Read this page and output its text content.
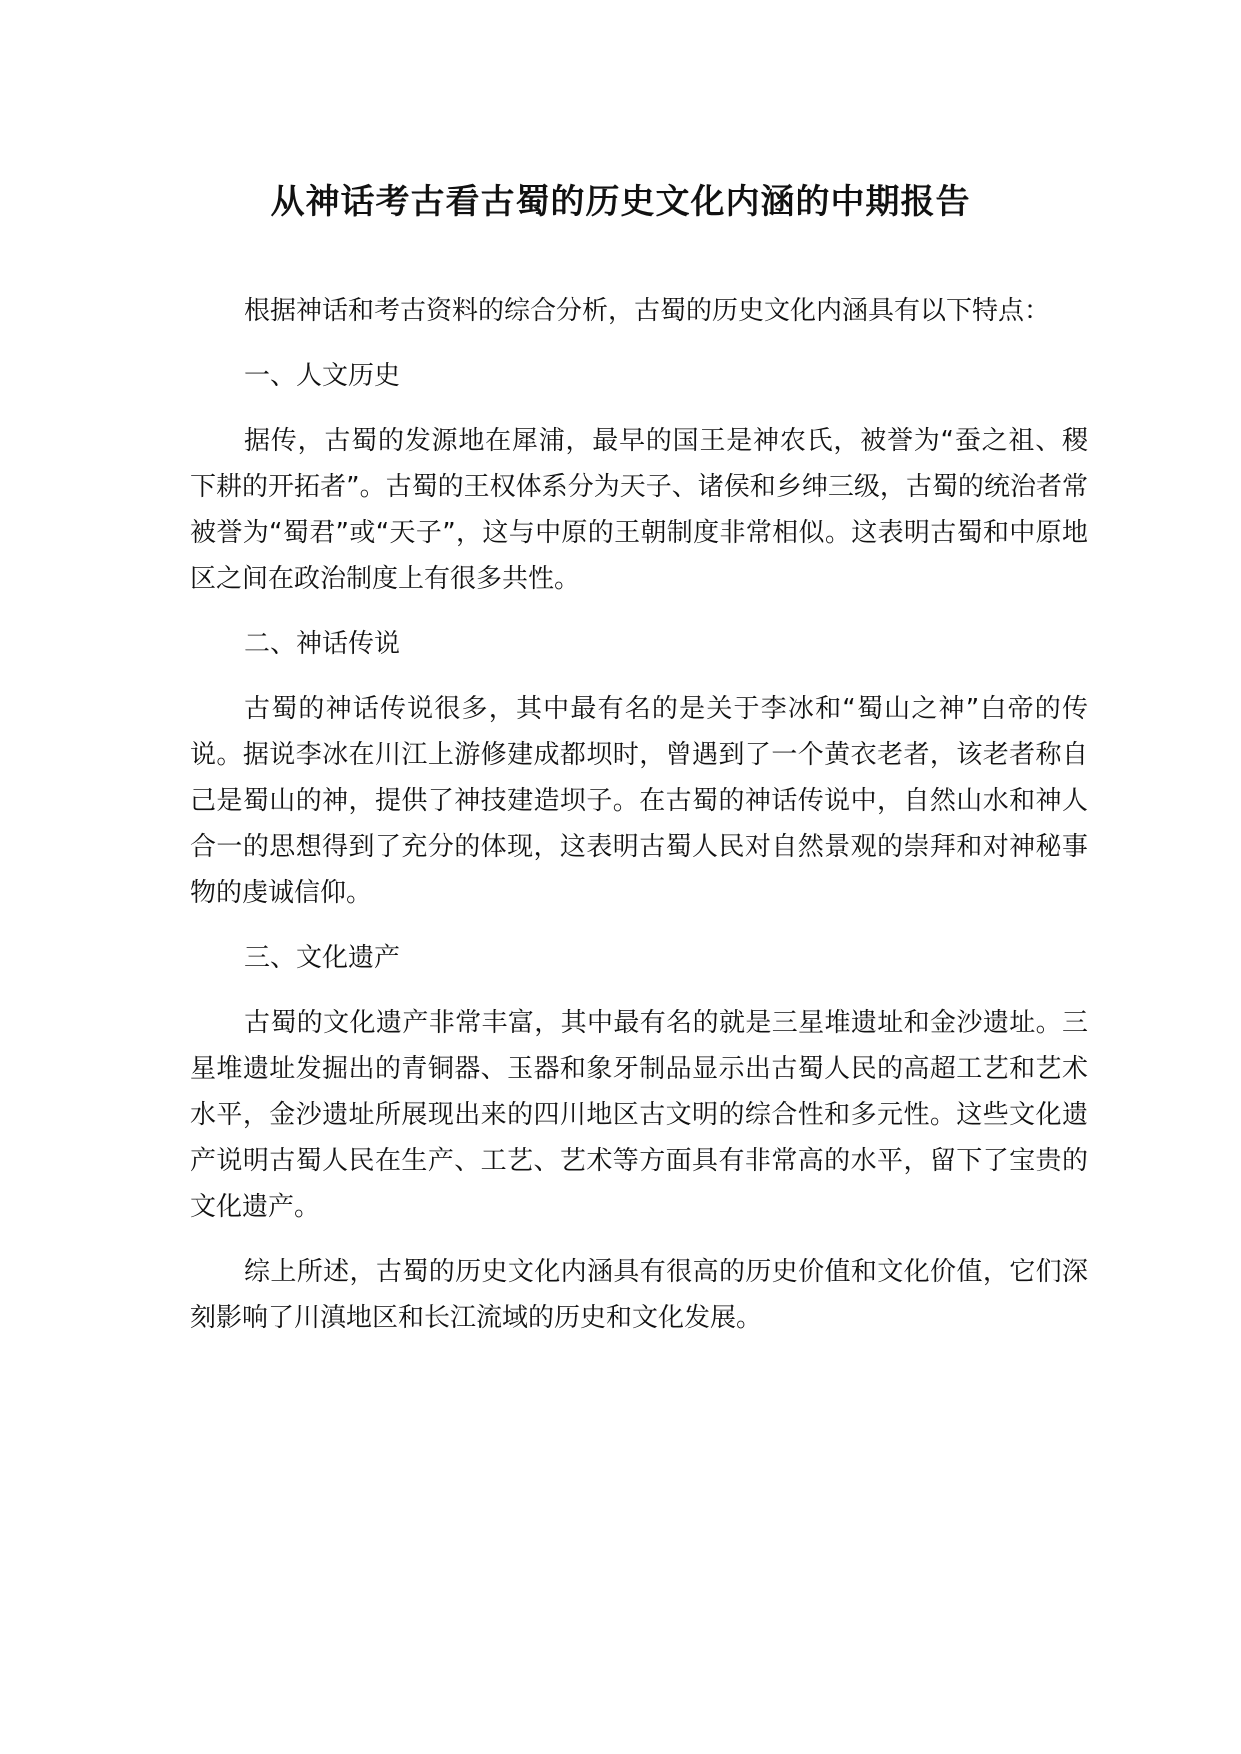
从神话考古看古蜀的历史文化内涵的中期报告

根据神话和考古资料的综合分析，古蜀的历史文化内涵具有以下特点：

一、人文历史

据传，古蜀的发源地在犀浦，最早的国王是神农氏，被誉为“蚕之祖、稷下耕的开拓者”。古蜀的王权体系分为天子、诸侯和乡绅三级，古蜀的统治者常被誉为“蜀君”或“天子”，这与中原的王朝制度非常相似。这表明古蜀和中原地区之间在政治制度上有很多共性。

二、神话传说

古蜀的神话传说很多，其中最有名的是关于李冰和“蜀山之神”白帝的传说。据说李冰在川江上游修建成都坝时，曾遇到了一个黄衣老者，该老者称自己是蜀山的神，提供了神技建造坝子。在古蜀的神话传说中，自然山水和神人合一的思想得到了充分的体现，这表明古蜀人民对自然景观的崇拜和对神秘事物的虔诚信仰。

三、文化遗产

古蜀的文化遗产非常丰富，其中最有名的就是三星堆遗址和金沙遗址。三星堆遗址发掘出的青铜器、玉器和象牙制品显示出古蜀人民的高超工艺和艺术水平，金沙遗址所展现出来的四川地区古文明的综合性和多元性。这些文化遗产说明古蜀人民在生产、工艺、艺术等方面具有非常高的水平，留下了宝贵的文化遗产。

综上所述，古蜀的历史文化内涵具有很高的历史价值和文化价值，它们深刻影响了川滇地区和长江流域的历史和文化发展。
